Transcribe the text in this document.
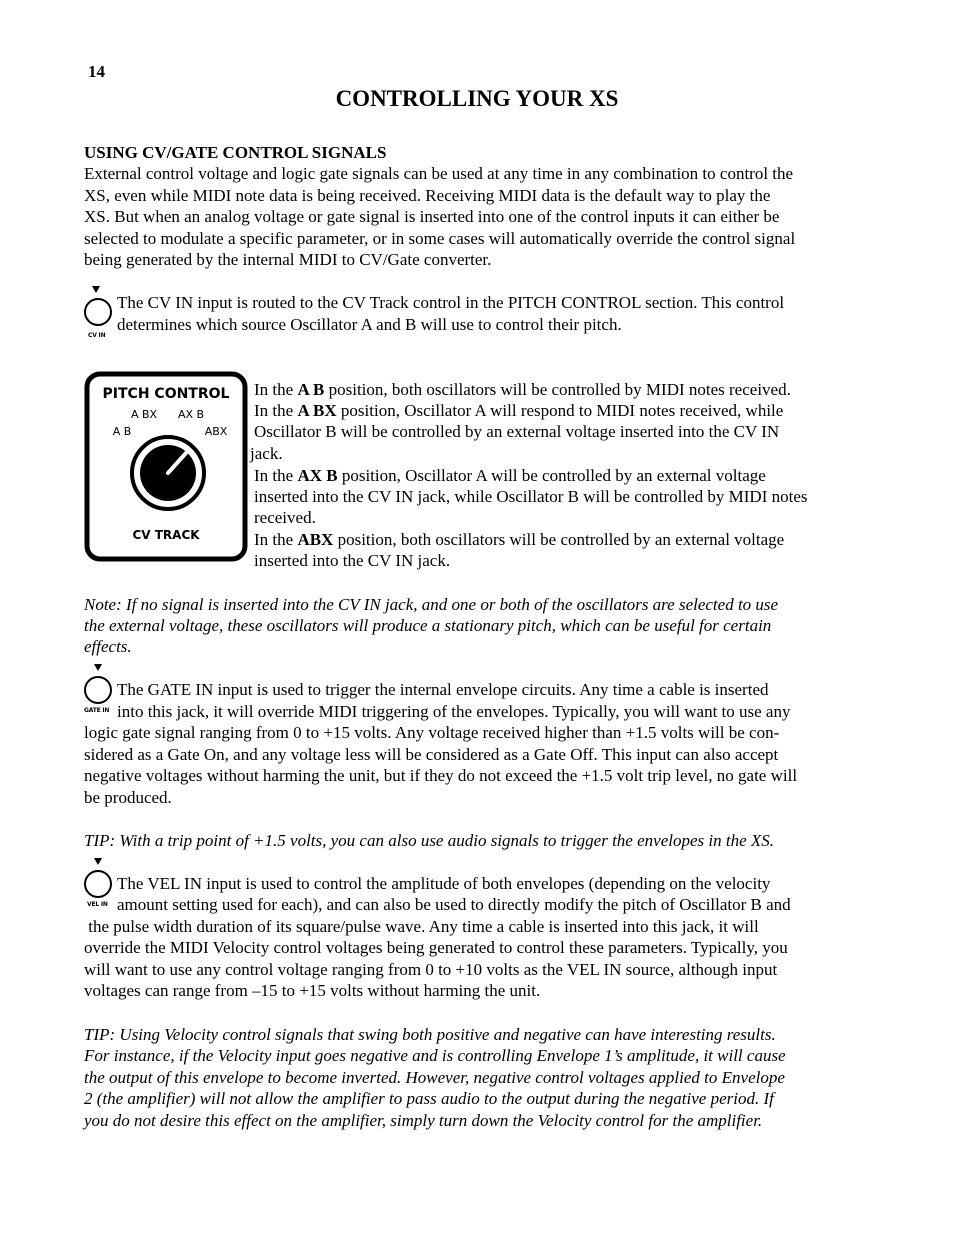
14
CONTROLLING YOUR XS
USING CV/GATE CONTROL SIGNALS
External control voltage and logic gate signals can be used at any time in any combination to control the
XS, even while MIDI note data is being received. Receiving MIDI data is the default way to play the
XS. But when an analog voltage or gate signal is inserted into one of the control inputs it can either be
selected to modulate a specific parameter, or in some cases will automatically override the control signal
being generated by the internal MIDI to CV/Gate converter.
CV IN
The CV IN input is routed to the CV Track control in the PITCH CONTROL section. This control
determines which source Oscillator A and B will use to control their pitch.
PITCH CONTROL
A BX AX B
A B	ABX
CV TRACK
In the A B position, both oscillators will be controlled by MIDI notes received.
In the A BX position, Oscillator A will respond to MIDI notes received, while
Oscillator B will be controlled by an external voltage inserted into the CV IN
jack.
In the AX B position, Oscillator A will be controlled by an external voltage
inserted into the CV IN jack, while Oscillator B will be controlled by MIDI notes
received.
In the ABX position, both oscillators will be controlled by an external voltage
inserted into the CV IN jack.
Note: If no signal is inserted into the CV IN jack, and one or both of the oscillators are selected to use
the external voltage, these oscillators will produce a stationary pitch, which can be useful for certain
effects.
GATE IN
The GATE IN input is used to trigger the internal envelope circuits. Any time a cable is inserted
into this jack, it will override MIDI triggering of the envelopes. Typically, you will want to use any
logic gate signal ranging from 0 to +15 volts. Any voltage received higher than +1.5 volts will be con-
sidered as a Gate On, and any voltage less will be considered as a Gate Off. This input can also accept
negative voltages without harming the unit, but if they do not exceed the +1.5 volt trip level, no gate will
be produced.
TIP: With a trip point of +1.5 volts, you can also use audio signals to trigger the envelopes in the XS.
VEL IN
The VEL IN input is used to control the amplitude of both envelopes (depending on the velocity
amount setting used for each), and can also be used to directly modify the pitch of Oscillator B and
the pulse width duration of its square/pulse wave. Any time a cable is inserted into this jack, it will
override the MIDI Velocity control voltages being generated to control these parameters. Typically, you
will want to use any control voltage ranging from 0 to +10 volts as the VEL IN source, although input
voltages can range from –15 to +15 volts without harming the unit.
TIP: Using Velocity control signals that swing both positive and negative can have interesting results.
For instance, if the Velocity input goes negative and is controlling Envelope 1’s amplitude, it will cause
the output of this envelope to become inverted. However, negative control voltages applied to Envelope
2 (the amplifier) will not allow the amplifier to pass audio to the output during the negative period. If
you do not desire this effect on the amplifier, simply turn down the Velocity control for the amplifier.
